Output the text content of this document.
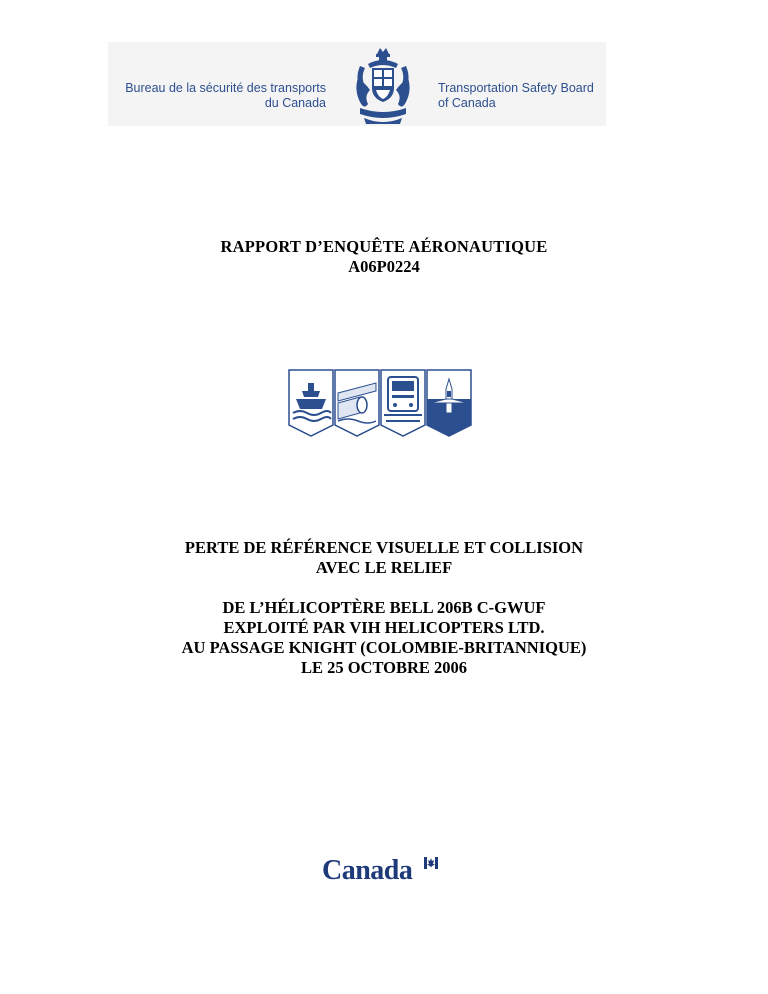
Bureau de la sécurité des transports
du Canada
Transportation Safety Board
of Canada
RAPPORT D’ENQUÊTE AÉRONAUTIQUE
A06P0224
PERTE DE RÉFÉRENCE VISUELLE ET COLLISION
AVEC LE RELIEF
DE L’HÉLICOPTÈRE BELL 206B C-GWUF
EXPLOITÉ PAR VIH HELICOPTERS LTD.
AU PASSAGE KNIGHT (COLOMBIE-BRITANNIQUE)
LE 25 OCTOBRE 2006
Canada
